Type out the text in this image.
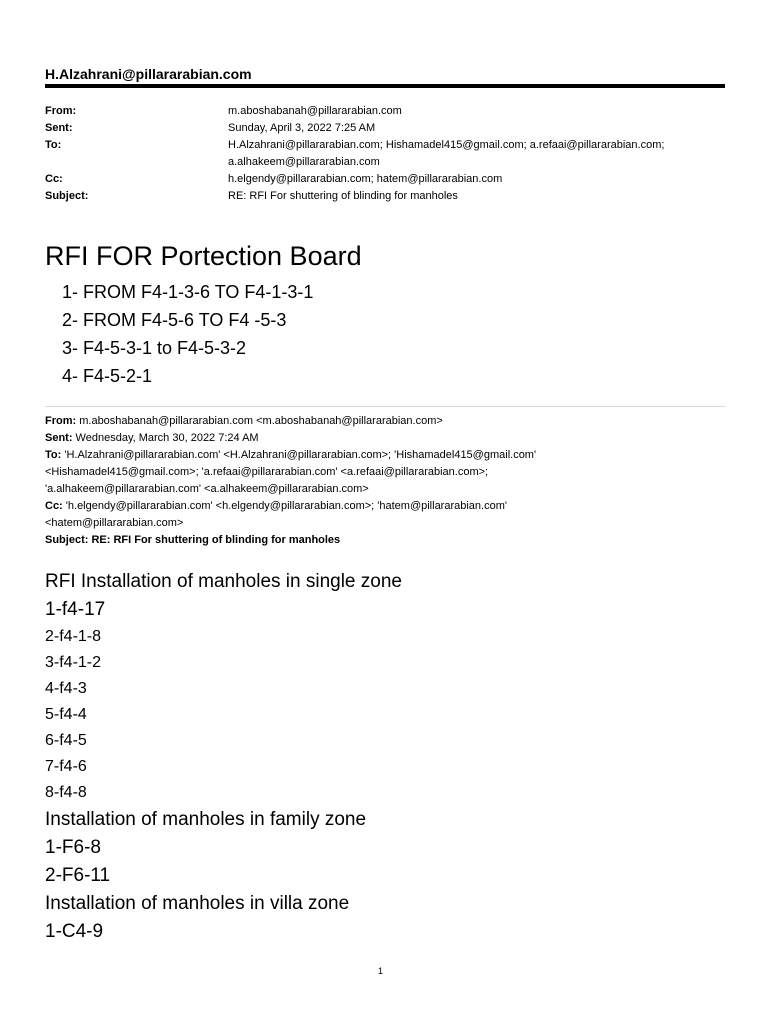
H.Alzahrani@pillararabian.com
From:	m.aboshabanah@pillararabian.com
Sent:	Sunday, April 3, 2022 7:25 AM
To:	H.Alzahrani@pillararabian.com; Hishamadel415@gmail.com; a.refaai@pillararabian.com;
a.alhakeem@pillararabian.com
Cc:	h.elgendy@pillararabian.com; hatem@pillararabian.com
Subject:	RE: RFI For shuttering of blinding for manholes
RFI FOR Portection Board
1- FROM F4-1-3-6 TO F4-1-3-1
2- FROM F4-5-6 TO F4 -5-3
3- F4-5-3-1 to F4-5-3-2
4- F4-5-2-1
From: m.aboshabanah@pillararabian.com <m.aboshabanah@pillararabian.com>
Sent: Wednesday, March 30, 2022 7:24 AM
To: 'H.Alzahrani@pillararabian.com' <H.Alzahrani@pillararabian.com>; 'Hishamadel415@gmail.com'
<Hishamadel415@gmail.com>; 'a.refaai@pillararabian.com' <a.refaai@pillararabian.com>;
'a.alhakeem@pillararabian.com' <a.alhakeem@pillararabian.com>
Cc: 'h.elgendy@pillararabian.com' <h.elgendy@pillararabian.com>; 'hatem@pillararabian.com'
<hatem@pillararabian.com>
Subject: RE: RFI For shuttering of blinding for manholes
RFI Installation of manholes in single zone
1-f4-17
2-f4-1-8
3-f4-1-2
4-f4-3
5-f4-4
6-f4-5
7-f4-6
8-f4-8
Installation of manholes in family zone
1-F6-8
2-F6-11
Installation of manholes in villa zone
1-C4-9
1
